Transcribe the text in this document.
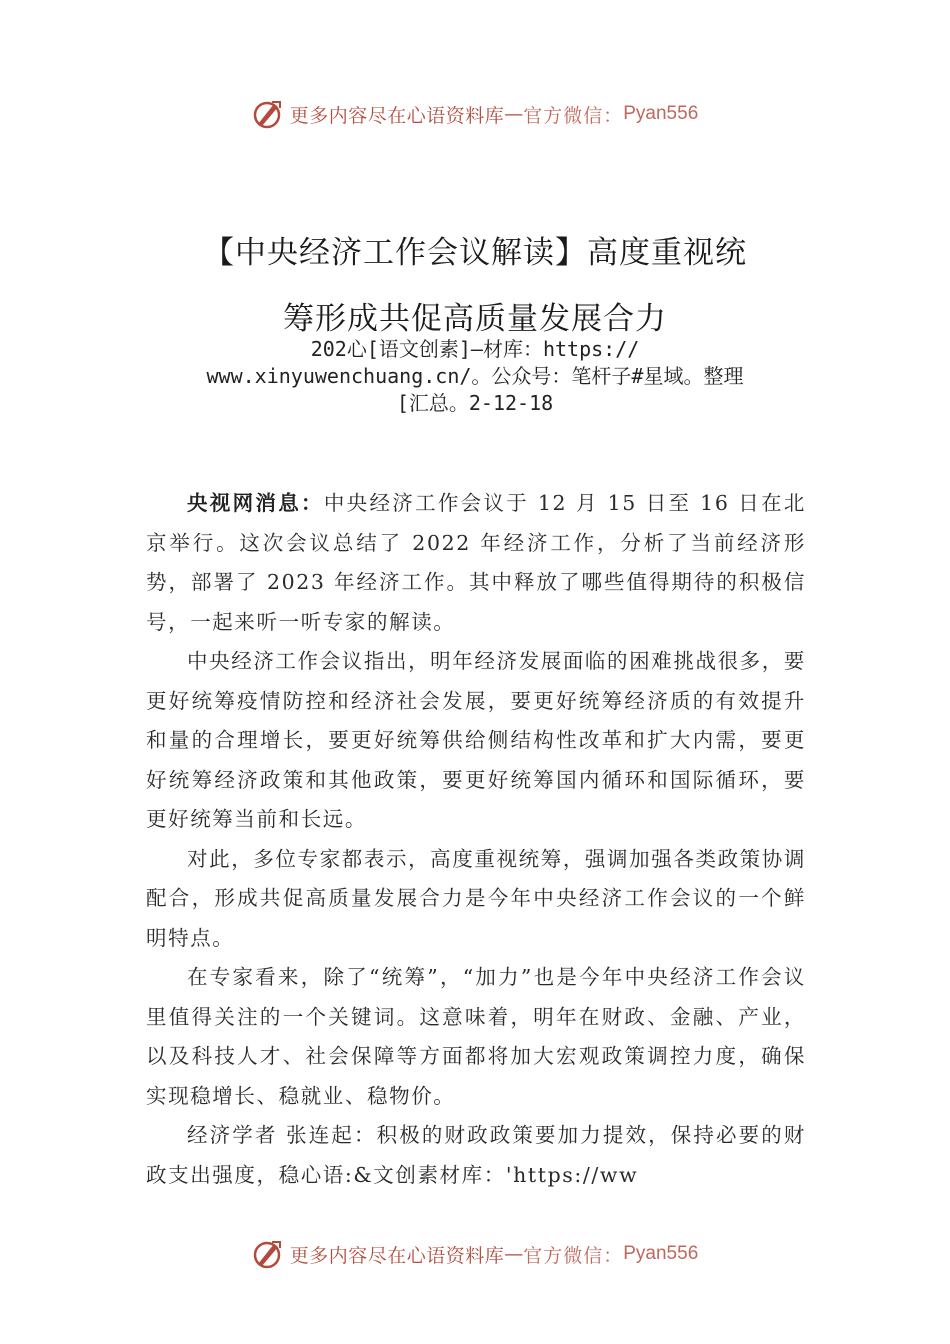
更多内容尽在心语资料库 — 官方微信： Pyan556
【中央经济工作会议解读】高度重视统
筹形成共促高质量发展合力
202心[语文创素]—材库：https://
www.xinyuwenchuang.cn/。公众号：笔杆子#星域。整理
[汇总。2-12-18

央视网消息：中央经济工作会议于 12 月 15 日至 16 日在北京举行。这次会议总结了 2022 年经济工作，分析了当前经济形势，部署了 2023 年经济工作。其中释放了哪些值得期待的积极信号，一起来听一听专家的解读。

中央经济工作会议指出，明年经济发展面临的困难挑战很多，要更好统筹疫情防控和经济社会发展，要更好统筹经济质的有效提升和量的合理增长，要更好统筹供给侧结构性改革和扩大内需，要更好统筹经济政策和其他政策，要更好统筹国内循环和国际循环，要更好统筹当前和长远。

对此，多位专家都表示，高度重视统筹，强调加强各类政策协调配合，形成共促高质量发展合力是今年中央经济工作会议的一个鲜明特点。

在专家看来，除了“统筹”，“加力”也是今年中央经济工作会议里值得关注的一个关键词。这意味着，明年在财政、金融、产业，以及科技人才、社会保障等方面都将加大宏观政策调控力度，确保实现稳增长、稳就业、稳物价。

经济学者 张连起：积极的财政政策要加力提效，保持必要的财政支出强度，稳心语:&文创素材库：'https://ww

更多内容尽在心语资料库 — 官方微信： Pyan556
